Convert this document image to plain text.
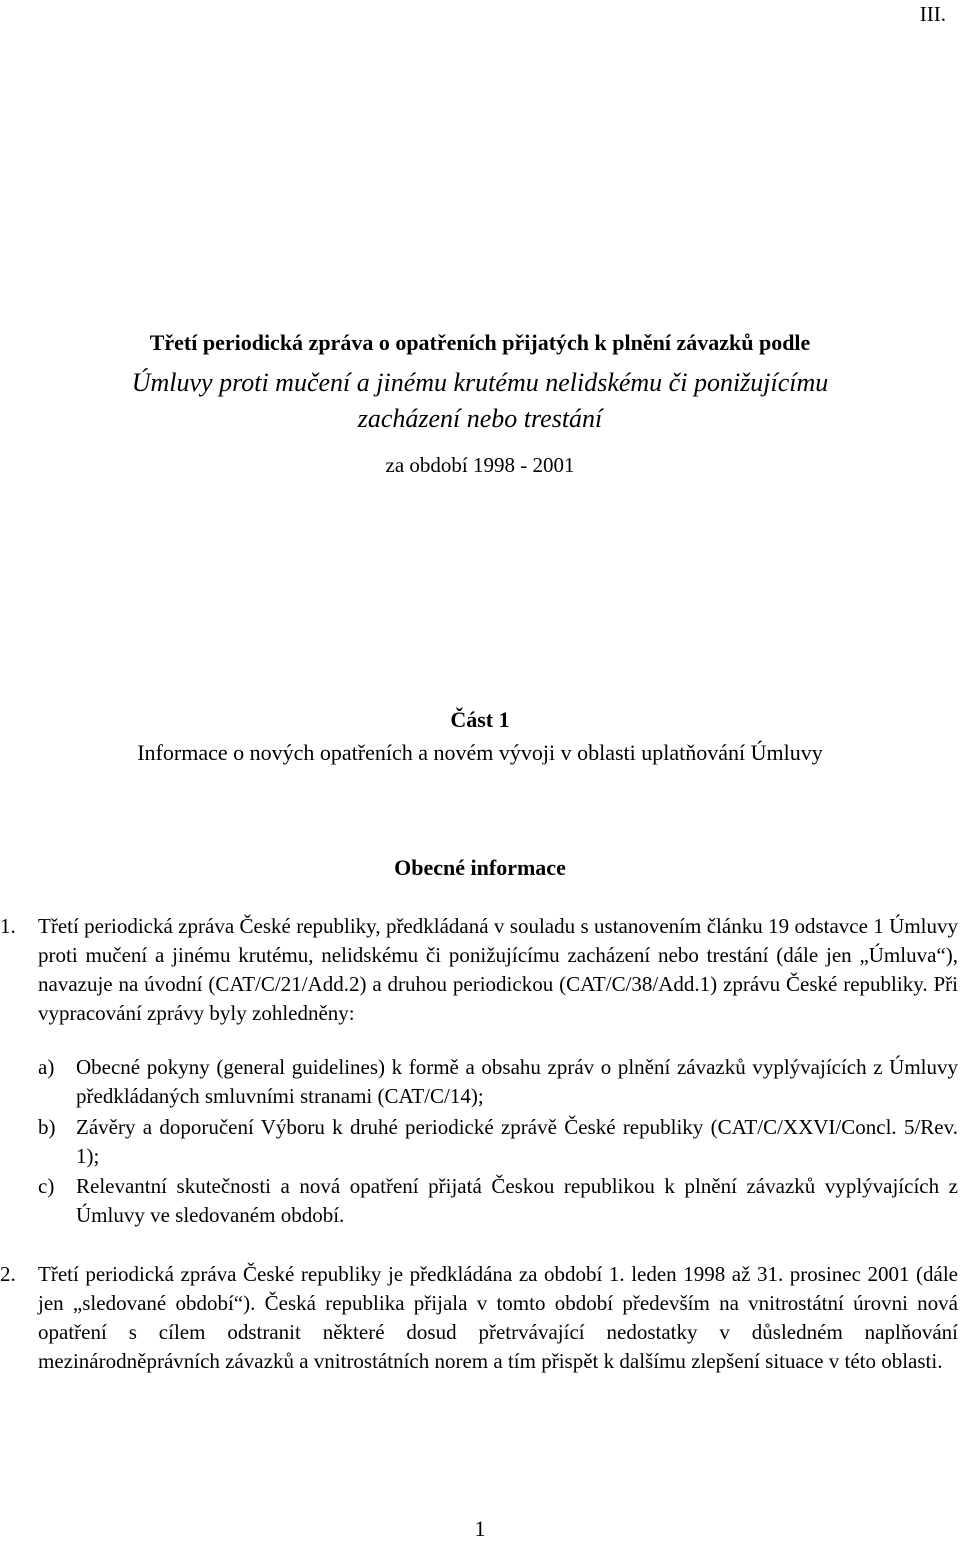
III.
Třetí periodická zpráva o opatřeních přijatých k plnění závazků podle
Úmluvy proti mučení a jinému krutému nelidskému či ponižujícímu
zacházení nebo trestání
za období 1998 - 2001
Část 1
Informace o nových opatřeních a novém vývoji v oblasti uplatňování Úmluvy
Obecné informace
1. Třetí periodická zpráva České republiky, předkládaná v souladu s ustanovením článku 19 odstavce 1 Úmluvy proti mučení a jinému krutému, nelidskému či ponižujícímu zacházení nebo trestání (dále jen „Úmluva“), navazuje na úvodní (CAT/C/21/Add.2) a druhou periodickou (CAT/C/38/Add.1) zprávu České republiky. Při vypracování zprávy byly zohledněny:
a) Obecné pokyny (general guidelines) k formě a obsahu zpráv o plnění závazků vyplývajících z Úmluvy předkládaných smluvními stranami (CAT/C/14);
b) Závěry a doporučení Výboru k druhé periodické zprávě České republiky (CAT/C/XXVI/Concl. 5/Rev. 1);
c) Relevantní skutečnosti a nová opatření přijatá Českou republikou k plnění závazků vyplývajících z Úmluvy ve sledovaném období.
2. Třetí periodická zpráva České republiky je předkládána za období 1. leden 1998 až 31. prosinec 2001 (dále jen „sledované období“). Česká republika přijala v tomto období především na vnitrostátní úrovni nová opatření s cílem odstranit některé dosud přetrvávající nedostatky v důsledném naplňování mezinárodněprávních závazků a vnitrostátních norem a tím přispět k dalšímu zlepšení situace v této oblasti.
1
